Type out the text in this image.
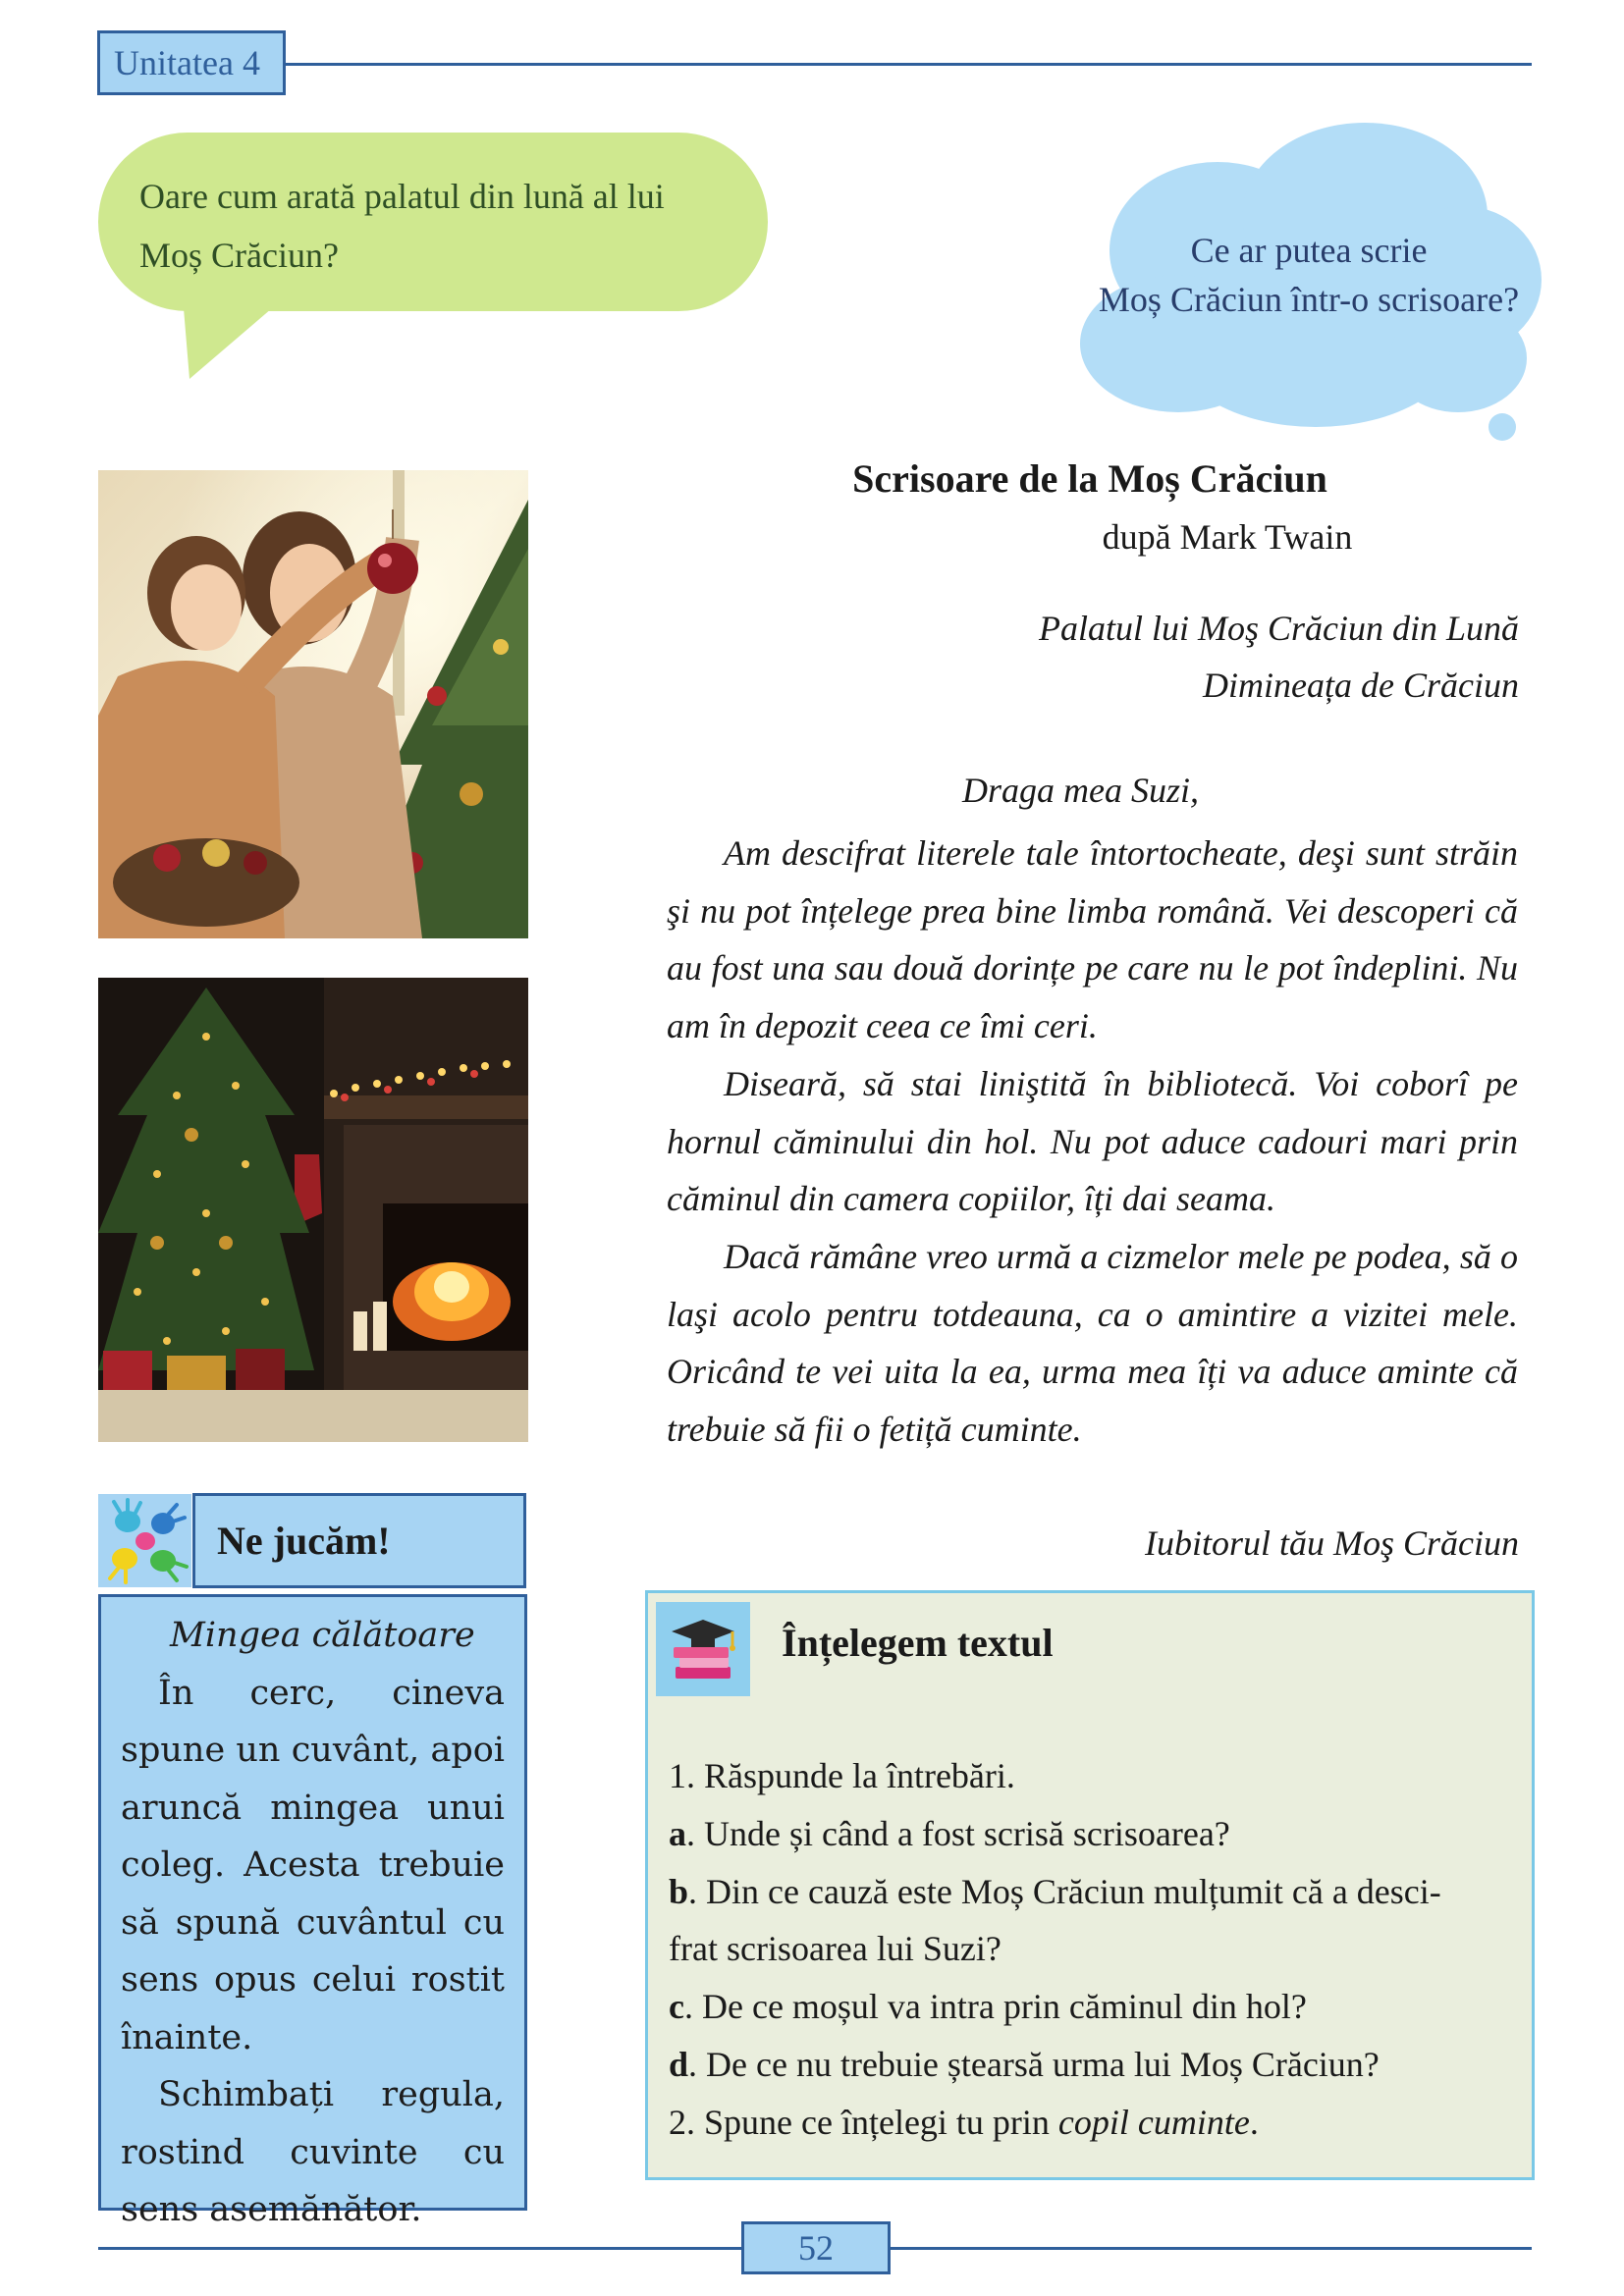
Unitatea 4
Oare cum arată palatul din lună al lui
Moș Crăciun?	Ce ar putea scrie
Moș Crăciun într-o scrisoare?
Scrisoare de la Moș Crăciun
după Mark Twain
Palatul lui Moş Crăciun din Lună
Dimineața de Crăciun
Draga mea Suzi,

Am descifrat literele tale întortocheate, deşi sunt străin şi nu pot înțelege prea bine limba română. Vei descoperi că au fost una sau două dorințe pe care nu le pot îndeplini. Nu am în depozit ceea ce îmi ceri.

Diseară, să stai liniştită în bibliotecă. Voi coborî pe hornul căminului din hol. Nu pot aduce cadouri mari prin căminul din camera copiilor, îți dai seama.

Dacă rămâne vreo urmă a cizmelor mele pe podea, să o laşi acolo pentru totdeauna, ca o amintire a vizitei mele. Oricând te vei uita la ea, urma mea îți va aduce aminte că trebuie să fii o fetiță cuminte.

Iubitorul tău Moş Crăciun
Ne jucăm!
Mingea călătoare

În cerc, cineva spune un cuvânt, apoi aruncă mingea unui coleg. Acesta trebuie să spună cuvântul cu sens opus celui rostit înainte.

Schimbați regula, rostind cuvinte cu sens asemănător.

Înțelegem textul
1. Răspunde la întrebări.
a. Unde și când a fost scrisă scrisoarea?
b. Din ce cauză este Moș Crăciun mulțumit că a desci-
frat scrisoarea lui Suzi?
c. De ce moșul va intra prin căminul din hol?
d. De ce nu trebuie ștearsă urma lui Moș Crăciun?
2. Spune ce înțelegi tu prin copil cuminte.
52
